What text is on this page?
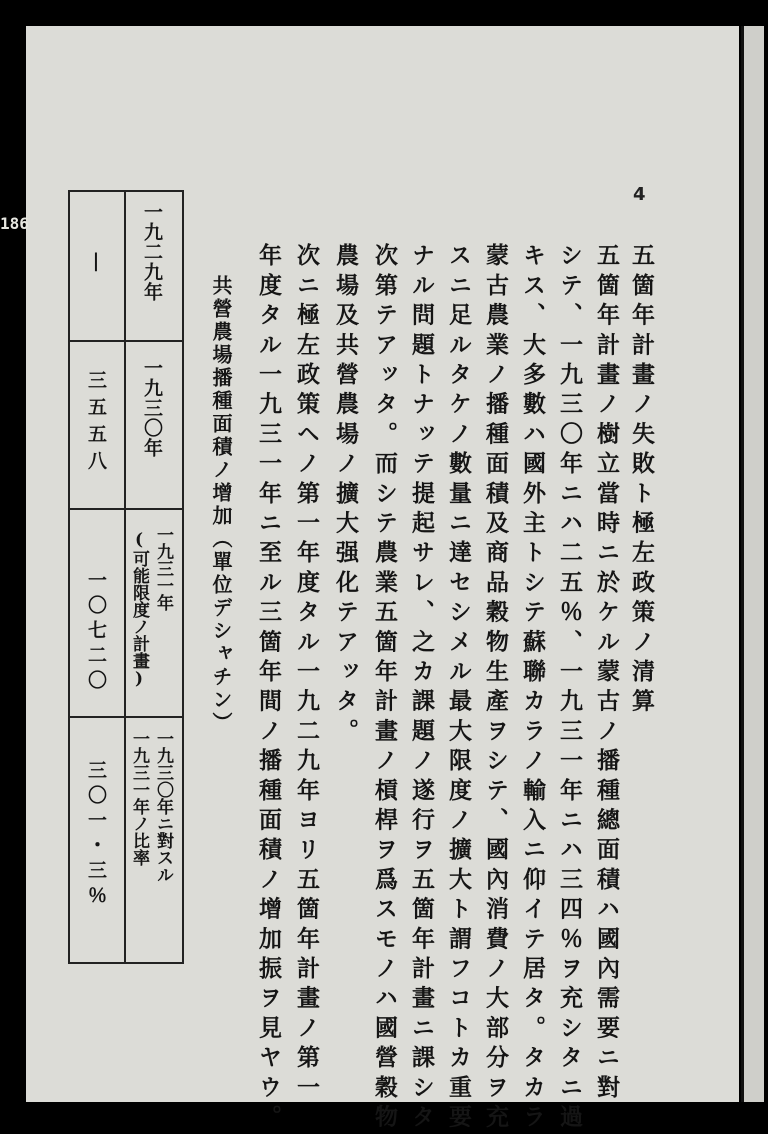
186
4
五箇年計畫ノ失敗ト極左政策ノ清算
五箇年計畫ノ樹立當時ニ於ケル蒙古ノ播種總面積ハ國內需要ニ對
シテ、一九三〇年ニハ二五％、一九三一年ニハ三四％ヲ充シタニ過
キス、大多數ハ國外主トシテ蘇聯カラノ輸入ニ仰イテ居タ。タカラ
蒙古農業ノ播種面積及商品穀物生產ヲシテ、國內消費ノ大部分ヲ充
スニ足ルタケノ數量ニ達セシメル最大限度ノ擴大ト謂フコトカ重要
ナル問題トナッテ提起サレ、之カ課題ノ遂行ヲ五箇年計畫ニ課シタ
次第テアッタ。而シテ農業五箇年計畫ノ槓桿ヲ爲スモノハ國營穀物
農場及共營農場ノ擴大强化テアッタ。
次ニ極左政策ヘノ第一年度タル一九二九年ヨリ五箇年計畫ノ第一
年度タル一九三一年ニ至ル三箇年間ノ播種面積ノ增加振ヲ見ヤウ。
共營農場播種面積ノ增加（單位デシャチン）
一九二九年
一九三〇年
一九三一年
(可能限度ノ計畫)
一九三〇年ニ對スル
一九三一年ノ比率
|
三五五八
一〇七二〇
三〇一・三％
